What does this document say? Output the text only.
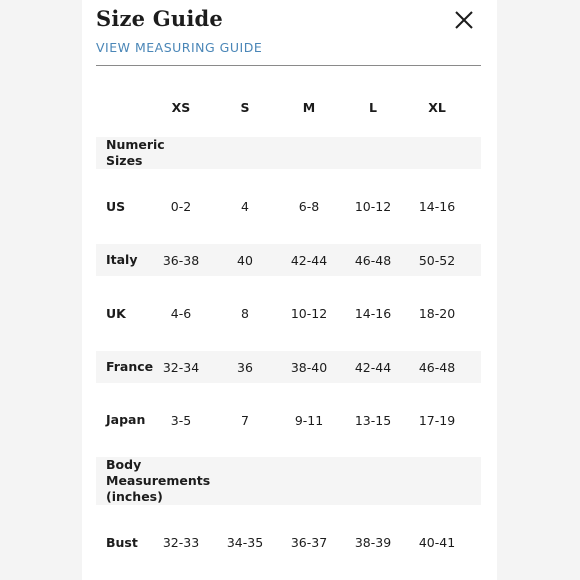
Size Guide
VIEW MEASURING GUIDE
XS	S	M	L	XL
Numeric Sizes
US	0-2	4	6-8	10-12	14-16
Italy	36-38	40	42-44	46-48	50-52
UK	4-6	8	10-12	14-16	18-20
France 32-34	36	38-40	42-44	46-48
Japan	3-5	7	9-11	13-15	17-19
Body Measurements (inches)
Bust	32-33	34-35	36-37	38-39	40-41
